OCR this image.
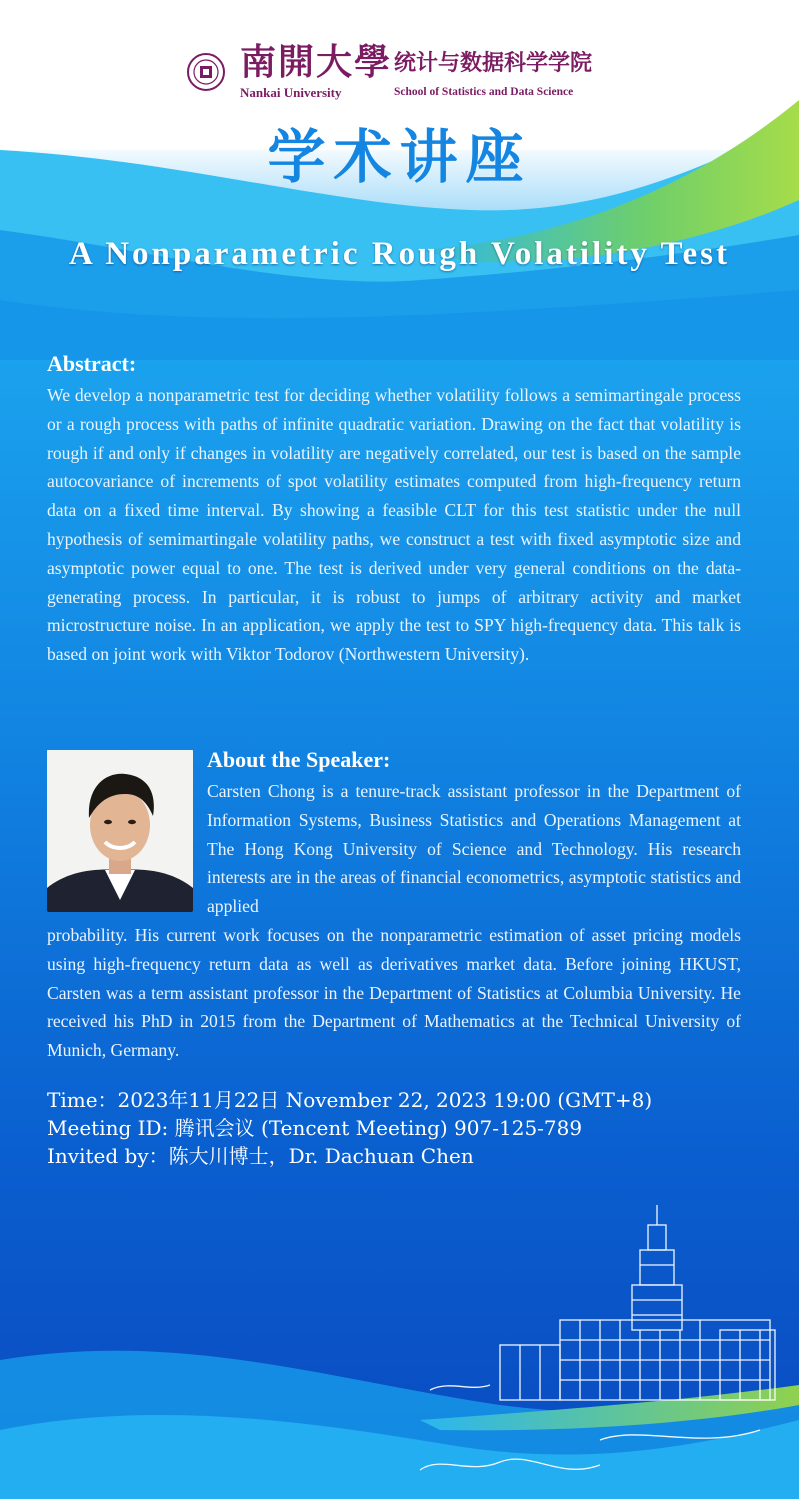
南開大學
Nankai University
统计与数据科学学院
School of Statistics and Data Science
学术讲座
A Nonparametric Rough Volatility Test
Abstract:
We develop a nonparametric test for deciding whether volatility follows a semimartingale process or a rough process with paths of infinite quadratic variation. Drawing on the fact that volatility is rough if and only if changes in volatility are negatively correlated, our test is based on the sample autocovariance of increments of spot volatility estimates computed from high-frequency return data on a fixed time interval. By showing a feasible CLT for this test statistic under the null hypothesis of semimartingale volatility paths, we construct a test with fixed asymptotic size and asymptotic power equal to one. The test is derived under very general conditions on the data-generating process. In particular, it is robust to jumps of arbitrary activity and market microstructure noise. In an application, we apply the test to SPY high-frequency data. This talk is based on joint work with Viktor Todorov (Northwestern University).
About the Speaker:
Carsten Chong is a tenure-track assistant professor in the Department of Information Systems, Business Statistics and Operations Management at The Hong Kong University of Science and Technology. His research interests are in the areas of financial econometrics, asymptotic statistics and applied
probability. His current work focuses on the nonparametric estimation of asset pricing models using high-frequency return data as well as derivatives market data. Before joining HKUST, Carsten was a term assistant professor in the Department of Statistics at Columbia University. He received his PhD in 2015 from the Department of Mathematics at the Technical University of Munich, Germany.
Time：2023年11月22日 November 22, 2023 19:00 (GMT+8)
Meeting ID: 腾讯会议 (Tencent Meeting) 907-125-789
Invited by：陈大川博士，Dr. Dachuan Chen
